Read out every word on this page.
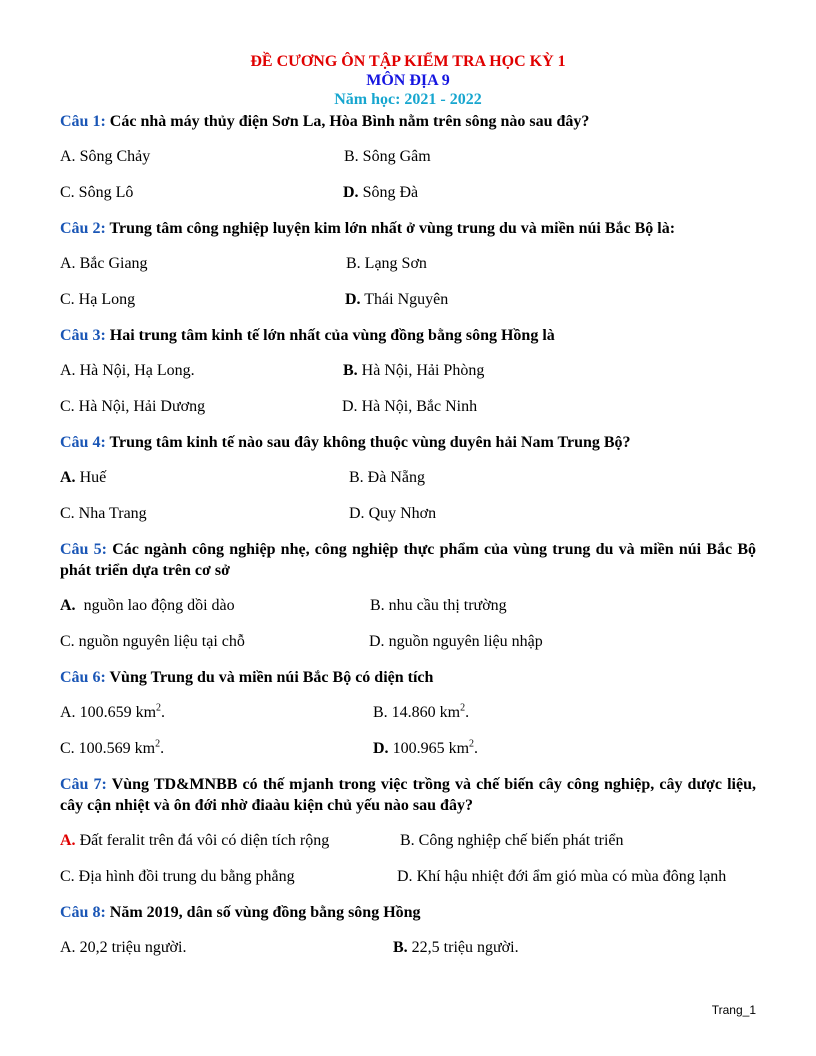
ĐỀ CƯƠNG ÔN TẬP KIỂM TRA HỌC KỲ 1
MÔN ĐỊA 9
Năm học: 2021 - 2022

Câu 1: Các nhà máy thủy điện Sơn La, Hòa Bình nằm trên sông nào sau đây?

A. Sông Chảy	B. Sông Gâm
C. Sông Lô	D. Sông Đà

Câu 2: Trung tâm công nghiệp luyện kim lớn nhất ở vùng trung du và miền núi Bắc Bộ là:

A. Bắc Giang	B. Lạng Sơn
C. Hạ Long	D. Thái Nguyên

Câu 3: Hai trung tâm kinh tế lớn nhất của vùng đồng bằng sông Hồng là

A. Hà Nội, Hạ Long.	B. Hà Nội, Hải Phòng
C. Hà Nội, Hải Dương	D. Hà Nội, Bắc Ninh

Câu 4: Trung tâm kinh tế nào sau đây không thuộc vùng duyên hải Nam Trung Bộ?

A. Huế	B. Đà Nẵng
C. Nha Trang	D. Quy Nhơn

Câu 5: Các ngành công nghiệp nhẹ, công nghiệp thực phẩm của vùng trung du và miền núi Bắc Bộ phát triển dựa trên cơ sở

A.  nguồn lao động dồi dào	B. nhu cầu thị trường
C. nguồn nguyên liệu tại chỗ	D. nguồn nguyên liệu nhập

Câu 6: Vùng Trung du và miền núi Bắc Bộ có diện tích

A. 100.659 $km^2$.	B. 14.860 $km^2$.
C. 100.569 $km^2$.	D. 100.965 $km^2$.

Câu 7: Vùng TD&MNBB có thế mjanh trong việc trồng và chế biến cây công nghiệp, cây dược liệu, cây cận nhiệt và ôn đới nhờ điaàu kiện chủ yếu nào sau đây?

A. Đất feralit trên đá vôi có diện tích rộng	B. Công nghiệp chế biến phát triển
C. Địa hình đồi trung du bằng phẳng	D. Khí hậu nhiệt đới ẩm gió mùa có mùa đông lạnh

Câu 8: Năm 2019, dân số vùng đồng bằng sông Hồng

A. 20,2 triệu người.	B. 22,5 triệu người.
Trang_1
